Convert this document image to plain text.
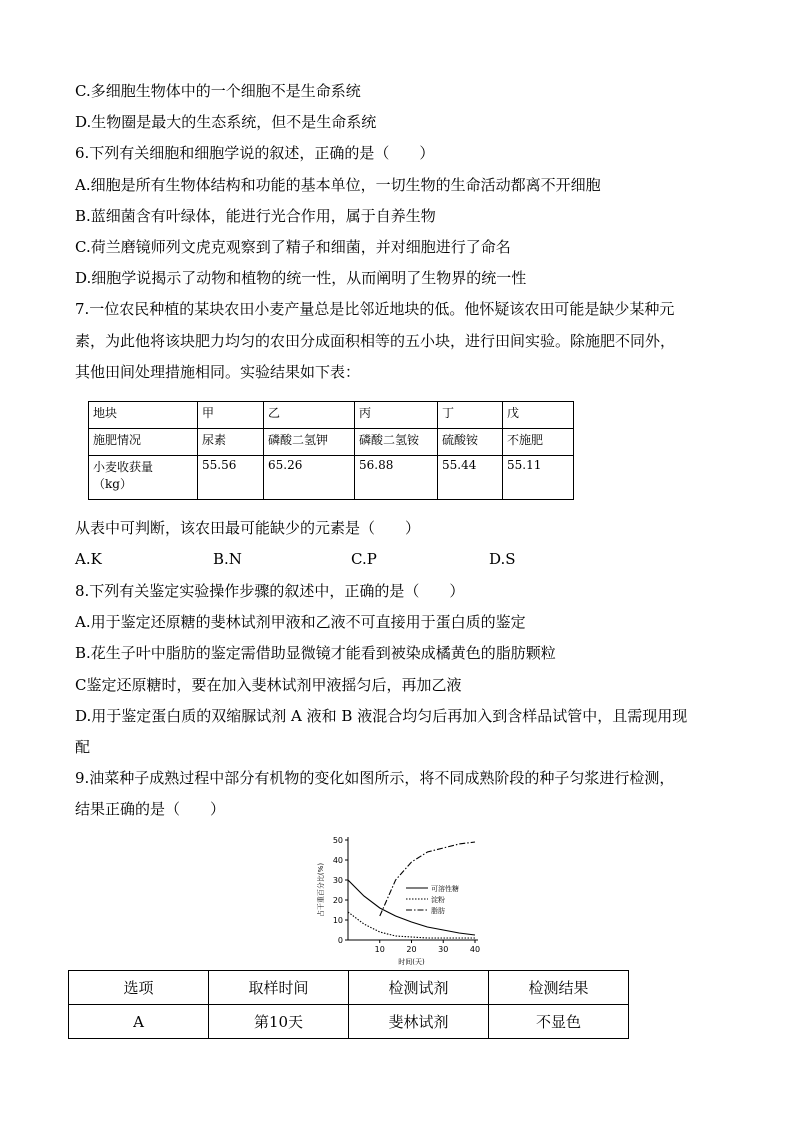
C.多细胞生物体中的一个细胞不是生命系统
D.生物圈是最大的生态系统，但不是生命系统
6.下列有关细胞和细胞学说的叙述，正确的是（　　）
A.细胞是所有生物体结构和功能的基本单位，一切生物的生命活动都离不开细胞
B.蓝细菌含有叶绿体，能进行光合作用，属于自养生物
C.荷兰磨镜师列文虎克观察到了精子和细菌，并对细胞进行了命名
D.细胞学说揭示了动物和植物的统一性，从而阐明了生物界的统一性
7.一位农民种植的某块农田小麦产量总是比邻近地块的低。他怀疑该农田可能是缺少某种元
素，为此他将该块肥力均匀的农田分成面积相等的五小块，进行田间实验。除施肥不同外，
其他田间处理措施相同。实验结果如下表：
地块	甲	乙	丙	丁	戊
施肥情况	尿素	磷酸二氢钾	磷酸二氢铵	硫酸铵	不施肥
小麦收获量
（kg）	55.56	65.26	56.88	55.44	55.11
从表中可判断，该农田最可能缺少的元素是（　　）
A.K	B.N	C.P	D.S
8.下列有关鉴定实验操作步骤的叙述中，正确的是（　　）
A.用于鉴定还原糖的斐林试剂甲液和乙液不可直接用于蛋白质的鉴定
B.花生子叶中脂肪的鉴定需借助显微镜才能看到被染成橘黄色的脂肪颗粒
C鉴定还原糖时，要在加入斐林试剂甲液摇匀后，再加乙液
D.用于鉴定蛋白质的双缩脲试剂 A 液和 B 液混合均匀后再加入到含样品试管中，且需现用现
配
9.油菜种子成熟过程中部分有机物的变化如图所示，将不同成熟阶段的种子匀浆进行检测，
结果正确的是（　　）
0
10
20
30
40
50
10	20	30	40
时间(天)
占干重百分比(%)	可溶性糖
淀粉
脂肪
选项	取样时间	检测试剂	检测结果
A	第10天	斐林试剂	不显色
